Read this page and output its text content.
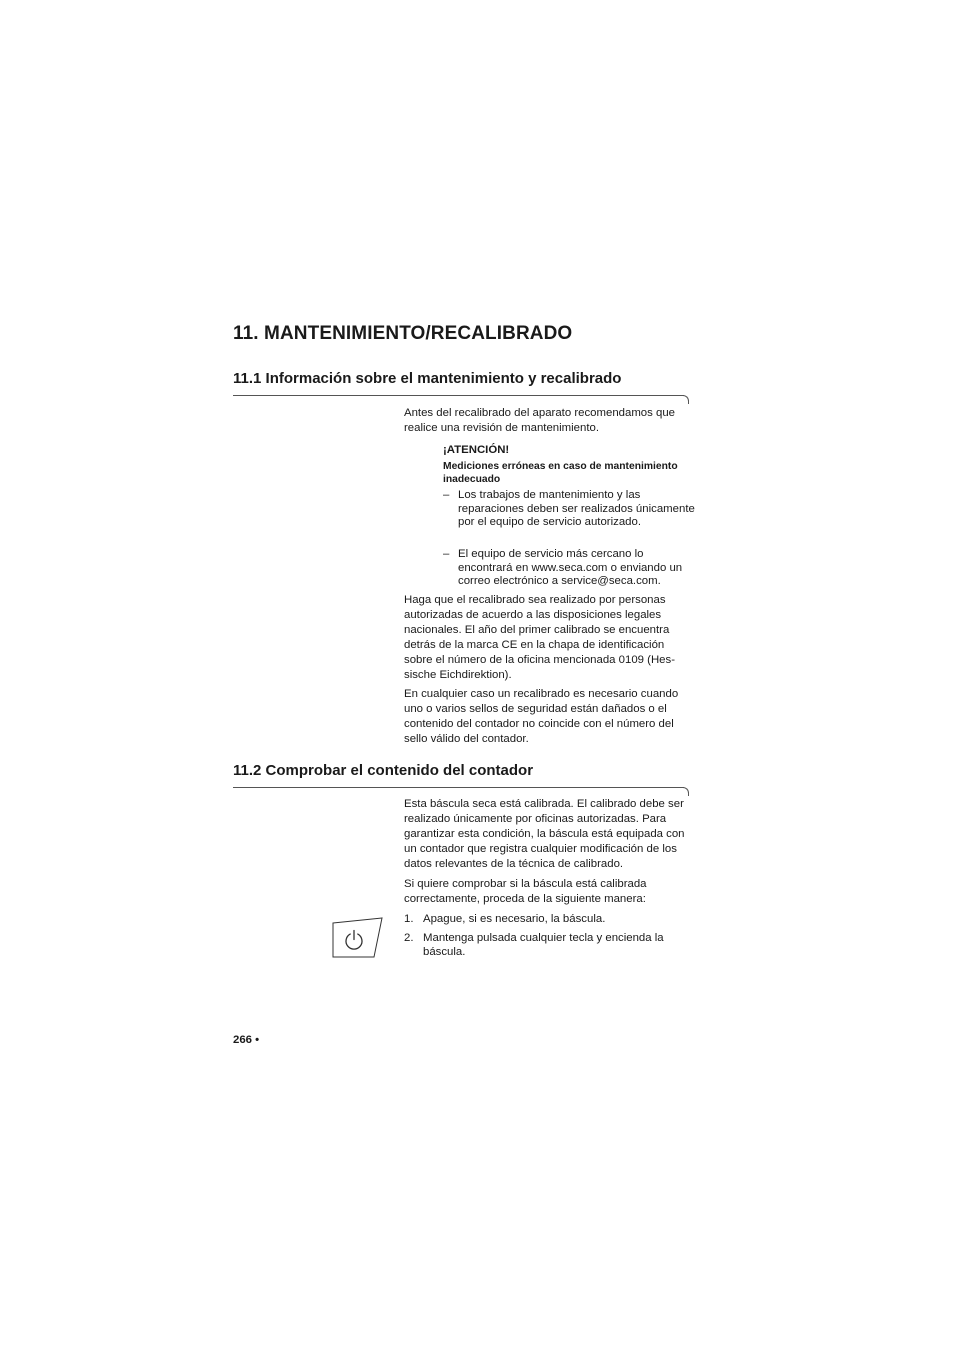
11. MANTENIMIENTO/RECALIBRADO
11.1 Información sobre el mantenimiento y recalibrado

Antes del recalibrado del aparato recomendamos que realice una revisión de mantenimiento.

¡ATENCIÓN!

Mediciones erróneas en caso de mantenimiento inadecuado

– Los trabajos de mantenimiento y las reparaciones deben ser realizados únicamente por el equipo de servicio autorizado.
– El equipo de servicio más cercano lo encontrará en www.seca.com o enviando un correo electrónico a service@seca.com.

Haga que el recalibrado sea realizado por personas autorizadas de acuerdo a las disposiciones legales nacionales. El año del primer calibrado se encuentra detrás de la marca CE en la chapa de identificación sobre el número de la oficina mencionada 0109 (Hes-sische Eichdirektion).

En cualquier caso un recalibrado es necesario cuando uno o varios sellos de seguridad están dañados o el contenido del contador no coincide con el número del sello válido del contador.

11.2 Comprobar el contenido del contador

Esta báscula seca está calibrada. El calibrado debe ser realizado únicamente por oficinas autorizadas. Para garantizar esta condición, la báscula está equipada con un contador que registra cualquier modificación de los datos relevantes de la técnica de calibrado.

Si quiere comprobar si la báscula está calibrada correctamente, proceda de la siguiente manera:

1. Apague, si es necesario, la báscula.
2. Mantenga pulsada cualquier tecla y encienda la báscula.

266 •
